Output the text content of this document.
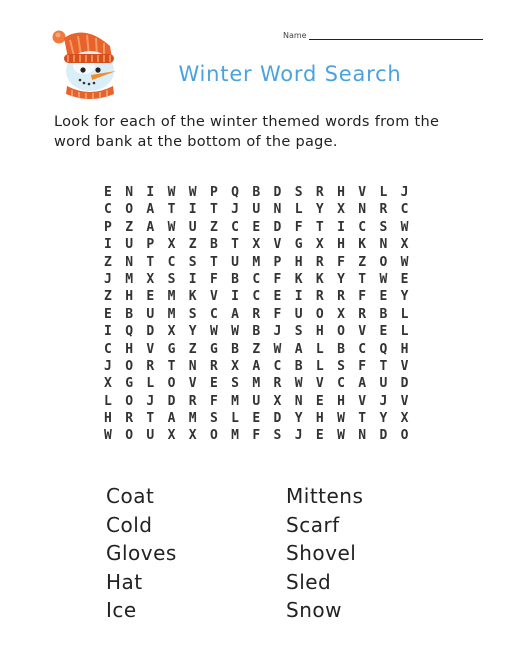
Name
Winter Word Search
Look for each of the winter themed words from the word bank at the bottom of the page.
E	N	I	W	W	P	Q	B	D	S	R	H	V	L	J
C	O	A	T	I	T	J	U	N	L	Y	X	N	R	C
P	Z	A	W	U	Z	C	E	D	F	T	I	C	S	W
I	U	P	X	Z	B	T	X	V	G	X	H	K	N	X
Z	N	T	C	S	T	U	M	P	H	R	F	Z	O	W
J	M	X	S	I	F	B	C	F	K	K	Y	T	W	E
Z	H	E	M	K	V	I	C	E	I	R	R	F	E	Y
E	B	U	M	S	C	A	R	F	U	O	X	R	B	L
I	Q	D	X	Y	W	W	B	J	S	H	O	V	E	L
C	H	V	G	Z	G	B	Z	W	A	L	B	C	Q	H
J	O	R	T	N	R	X	A	C	B	L	S	F	T	V
X	G	L	O	V	E	S	M	R	W	V	C	A	U	D
L	O	J	D	R	F	M	U	X	N	E	H	V	J	V
H	R	T	A	M	S	L	E	D	Y	H	W	T	Y	X
W	O	U	X	X	O	M	F	S	J	E	W	N	D	O
Coat
Cold
Gloves
Hat
Ice
Mittens
Scarf
Shovel
Sled
Snow
